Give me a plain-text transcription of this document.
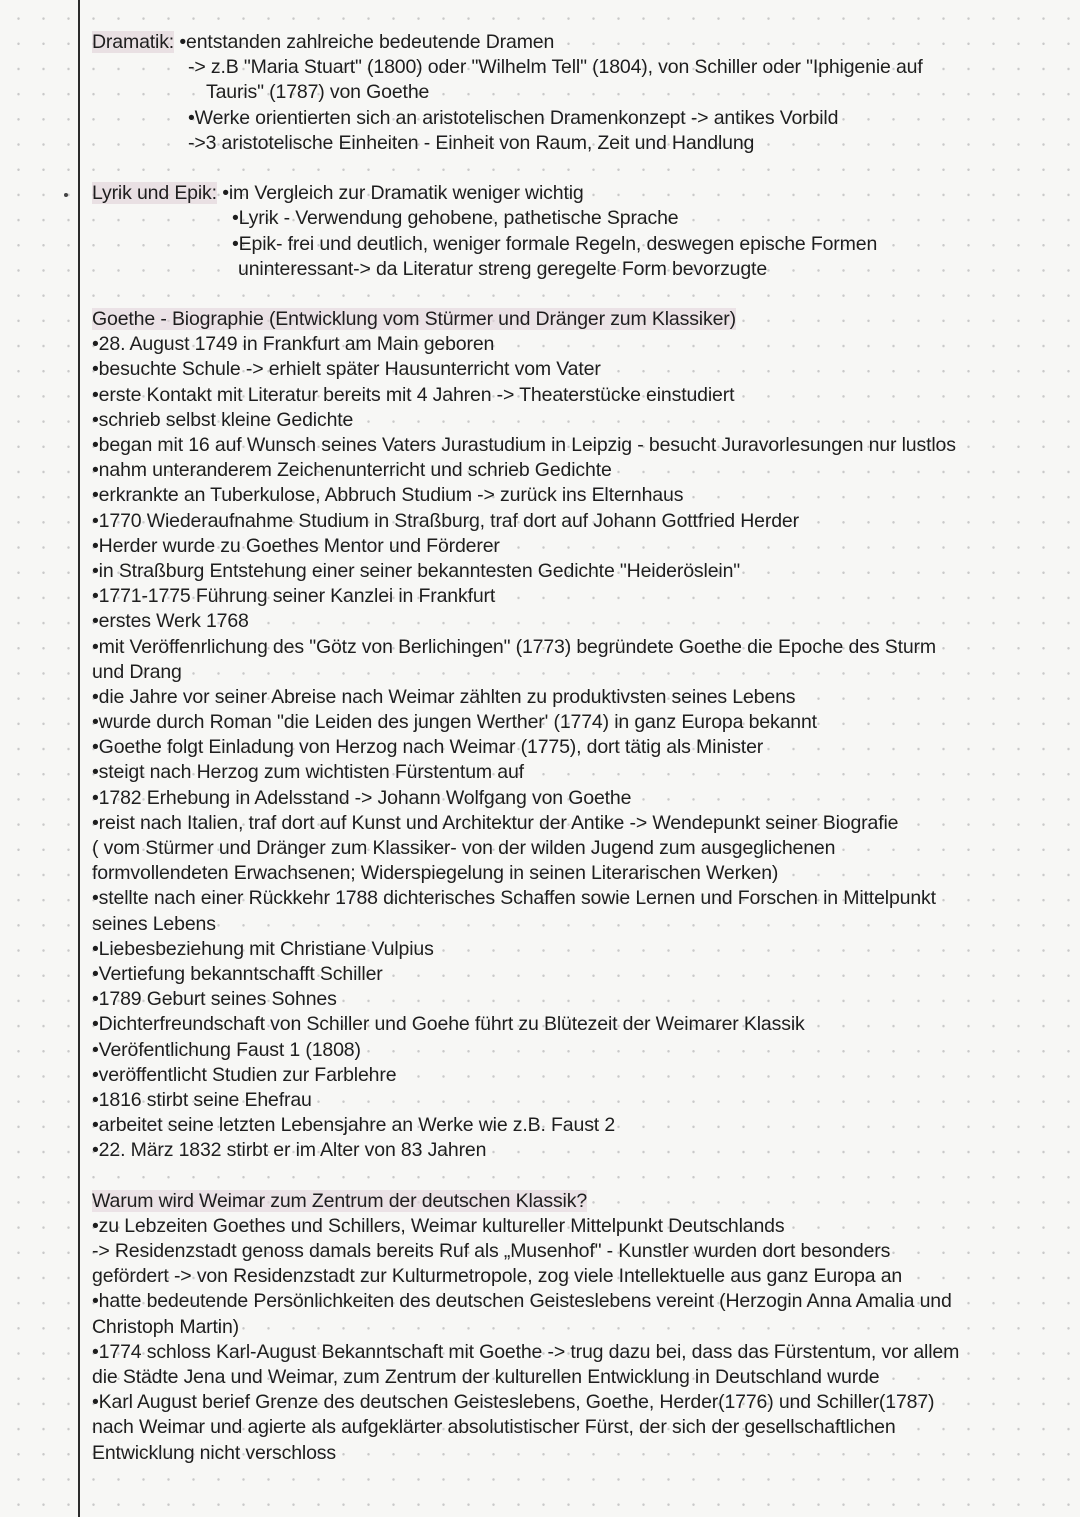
Dramatik: •entstanden zahlreiche bedeutende Dramen
-> z.B "Maria Stuart" (1800) oder "Wilhelm Tell" (1804), von Schiller oder "Iphigenie auf
Tauris" (1787) von Goethe
•Werke orientierten sich an aristotelischen Dramenkonzept -> antikes Vorbild
->3 aristotelische Einheiten - Einheit von Raum, Zeit und Handlung
Lyrik und Epik: •im Vergleich zur Dramatik weniger wichtig
•Lyrik - Verwendung gehobene, pathetische Sprache
•Epik- frei und deutlich, weniger formale Regeln, deswegen epische Formen
uninteressant-> da Literatur streng geregelte Form bevorzugte
Goethe - Biographie (Entwicklung vom Stürmer und Dränger zum Klassiker)
•28. August 1749 in Frankfurt am Main geboren
•besuchte Schule -> erhielt später Hausunterricht vom Vater
•erste Kontakt mit Literatur bereits mit 4 Jahren -> Theaterstücke einstudiert
•schrieb selbst kleine Gedichte
•began mit 16 auf Wunsch seines Vaters Jurastudium in Leipzig - besucht Juravorlesungen nur lustlos
•nahm unteranderem Zeichenunterricht und schrieb Gedichte
•erkrankte an Tuberkulose, Abbruch Studium -> zurück ins Elternhaus
•1770 Wiederaufnahme Studium in Straßburg, traf dort auf Johann Gottfried Herder
•Herder wurde zu Goethes Mentor und Förderer
•in Straßburg Entstehung einer seiner bekanntesten Gedichte "Heideröslein"
•1771-1775 Führung seiner Kanzlei in Frankfurt
•erstes Werk 1768
•mit Veröffenrlichung des "Götz von Berlichingen" (1773) begründete Goethe die Epoche des Sturm
und Drang
•die Jahre vor seiner Abreise nach Weimar zählten zu produktivsten seines Lebens
•wurde durch Roman "die Leiden des jungen Werther' (1774) in ganz Europa bekannt
•Goethe folgt Einladung von Herzog nach Weimar (1775), dort tätig als Minister
•steigt nach Herzog zum wichtisten Fürstentum auf
•1782 Erhebung in Adelsstand -> Johann Wolfgang von Goethe
•reist nach Italien, traf dort auf Kunst und Architektur der Antike -> Wendepunkt seiner Biografie
( vom Stürmer und Dränger zum Klassiker- von der wilden Jugend zum ausgeglichenen
formvollendeten Erwachsenen; Widerspiegelung in seinen Literarischen Werken)
•stellte nach einer Rückkehr 1788 dichterisches Schaffen sowie Lernen und Forschen in Mittelpunkt
seines Lebens
•Liebesbeziehung mit Christiane Vulpius
•Vertiefung bekanntschafft Schiller
•1789 Geburt seines Sohnes
•Dichterfreundschaft von Schiller und Goehe führt zu Blütezeit der Weimarer Klassik
•Veröfentlichung Faust 1 (1808)
•veröffentlicht Studien zur Farblehre
•1816 stirbt seine Ehefrau
•arbeitet seine letzten Lebensjahre an Werke wie z.B. Faust 2
•22. März 1832 stirbt er im Alter von 83 Jahren
Warum wird Weimar zum Zentrum der deutschen Klassik?
•zu Lebzeiten Goethes und Schillers, Weimar kultureller Mittelpunkt Deutschlands
-> Residenzstadt genoss damals bereits Ruf als „Musenhof" - Kunstler wurden dort besonders
gefördert -> von Residenzstadt zur Kulturmetropole, zog viele Intellektuelle aus ganz Europa an
•hatte bedeutende Persönlichkeiten des deutschen Geisteslebens vereint (Herzogin Anna Amalia und
Christoph Martin)
•1774 schloss Karl-August Bekanntschaft mit Goethe -> trug dazu bei, dass das Fürstentum, vor allem
die Städte Jena und Weimar, zum Zentrum der kulturellen Entwicklung in Deutschland wurde
•Karl August berief Grenze des deutschen Geisteslebens, Goethe, Herder(1776) und Schiller(1787)
nach Weimar und agierte als aufgeklärter absolutistischer Fürst, der sich der gesellschaftlichen
Entwicklung nicht verschloss
